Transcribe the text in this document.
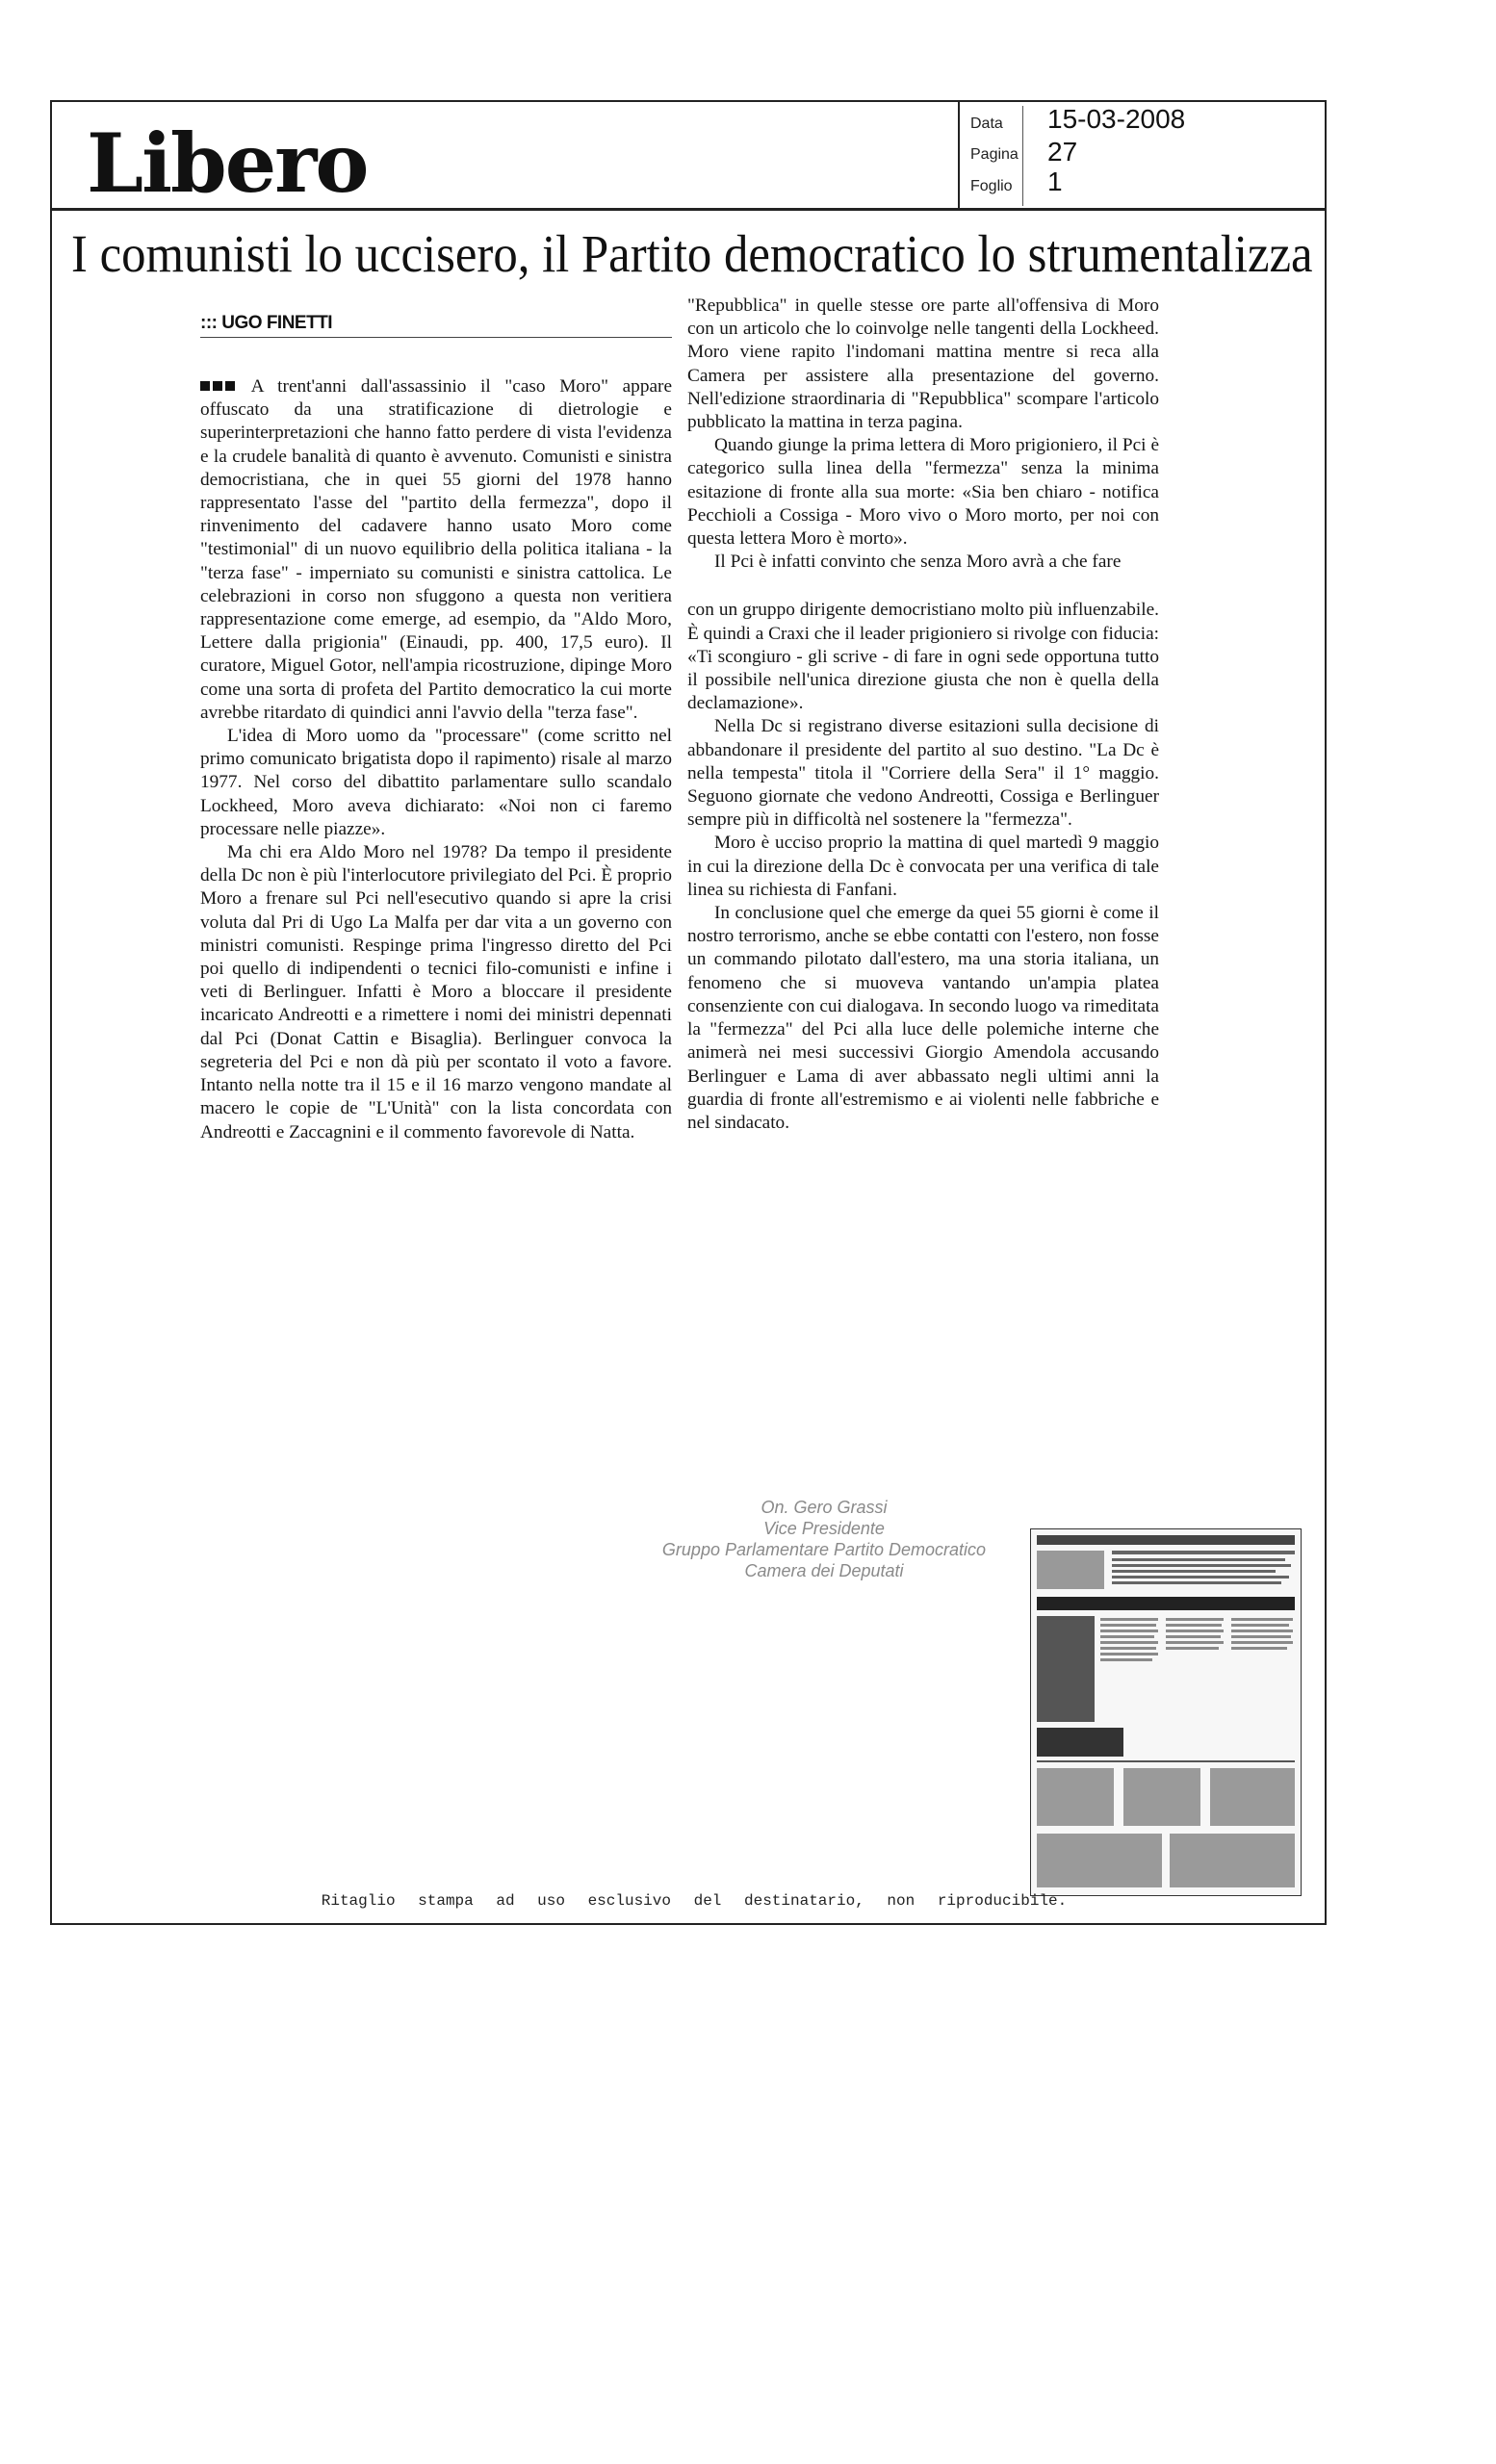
Libero	Data 15-03-2008
Pagina 27
Foglio 1
I comunisti lo uccisero, il Partito democratico lo strumentalizza
::: UGO FINETTI

A trent'anni dall'assassinio il "caso Moro" appare offuscato da una stratificazione di dietrologie e superinterpretazioni che hanno fatto perdere di vista l'evidenza e la crudele banalità di quanto è avvenuto. Comunisti e sinistra democristiana, che in quei 55 giorni del 1978 hanno rappresentato l'asse del "partito della fermezza", dopo il rinvenimento del cadavere hanno usato Moro come "testimonial" di un nuovo equilibrio della politica italiana - la "terza fase" - imperniato su comunisti e sinistra cattolica. Le celebrazioni in corso non sfuggono a questa non veritiera rappresentazione come emerge, ad esempio, da "Aldo Moro, Lettere dalla prigionia" (Einaudi, pp. 400, 17,5 euro). Il curatore, Miguel Gotor, nell'ampia ricostruzione, dipinge Moro come una sorta di profeta del Partito democratico la cui morte avrebbe ritardato di quindici anni l'avvio della "terza fase".

L'idea di Moro uomo da "processare" (come scritto nel primo comunicato brigatista dopo il rapimento) risale al marzo 1977. Nel corso del dibattito parlamentare sullo scandalo Lockheed, Moro aveva dichiarato: «Noi non ci faremo processare nelle piazze».

Ma chi era Aldo Moro nel 1978? Da tempo il presidente della Dc non è più l'interlocutore privilegiato del Pci. È proprio Moro a frenare sul Pci nell'esecutivo quando si apre la crisi voluta dal Pri di Ugo La Malfa per dar vita a un governo con ministri comunisti. Respinge prima l'ingresso diretto del Pci poi quello di indipendenti o tecnici filo-comunisti e infine i veti di Berlinguer. Infatti è Moro a bloccare il presidente incaricato Andreotti e a rimettere i nomi dei ministri depennati dal Pci (Donat Cattin e Bisaglia). Berlinguer convoca la segreteria del Pci e non dà più per scontato il voto a favore. Intanto nella notte tra il 15 e il 16 marzo vengono mandate al macero le copie de "L'Unità" con la lista concordata con Andreotti e Zaccagnini e il commento favorevole di Natta.

"Repubblica" in quelle stesse ore parte all'offensiva di Moro con un articolo che lo coinvolge nelle tangenti della Lockheed. Moro viene rapito l'indomani mattina mentre si reca alla Camera per assistere alla presentazione del governo. Nell'edizione straordinaria di "Repubblica" scompare l'articolo pubblicato la mattina in terza pagina.

Quando giunge la prima lettera di Moro prigioniero, il Pci è categorico sulla linea della "fermezza" senza la minima esitazione di fronte alla sua morte: «Sia ben chiaro - notifica Pecchioli a Cossiga - Moro vivo o Moro morto, per noi con questa lettera Moro è morto».

Il Pci è infatti convinto che senza Moro avrà a che fare

con un gruppo dirigente democristiano molto più influenzabile. È quindi a Craxi che il leader prigioniero si rivolge con fiducia: «Ti scongiuro - gli scrive - di fare in ogni sede opportuna tutto il possibile nell'unica direzione giusta che non è quella della declamazione».

Nella Dc si registrano diverse esitazioni sulla decisione di abbandonare il presidente del partito al suo destino. "La Dc è nella tempesta" titola il "Corriere della Sera" il 1° maggio. Seguono giornate che vedono Andreotti, Cossiga e Berlinguer sempre più in difficoltà nel sostenere la "fermezza".

Moro è ucciso proprio la mattina di quel martedì 9 maggio in cui la direzione della Dc è convocata per una verifica di tale linea su richiesta di Fanfani.

In conclusione quel che emerge da quei 55 giorni è come il nostro terrorismo, anche se ebbe contatti con l'estero, non fosse un commando pilotato dall'estero, ma una storia italiana, un fenomeno che si muoveva vantando un'ampia platea consenziente con cui dialogava. In secondo luogo va rimeditata la "fermezza" del Pci alla luce delle polemiche interne che animerà nei mesi successivi Giorgio Amendola accusando Berlinguer e Lama di aver abbassato negli ultimi anni la guardia di fronte all'estremismo e ai violenti nelle fabbriche e nel sindacato.

On. Gero Grassi
Vice Presidente
Gruppo Parlamentare Partito Democratico
Camera dei Deputati
Ritaglio stampa ad uso esclusivo del destinatario, non riproducibile.
